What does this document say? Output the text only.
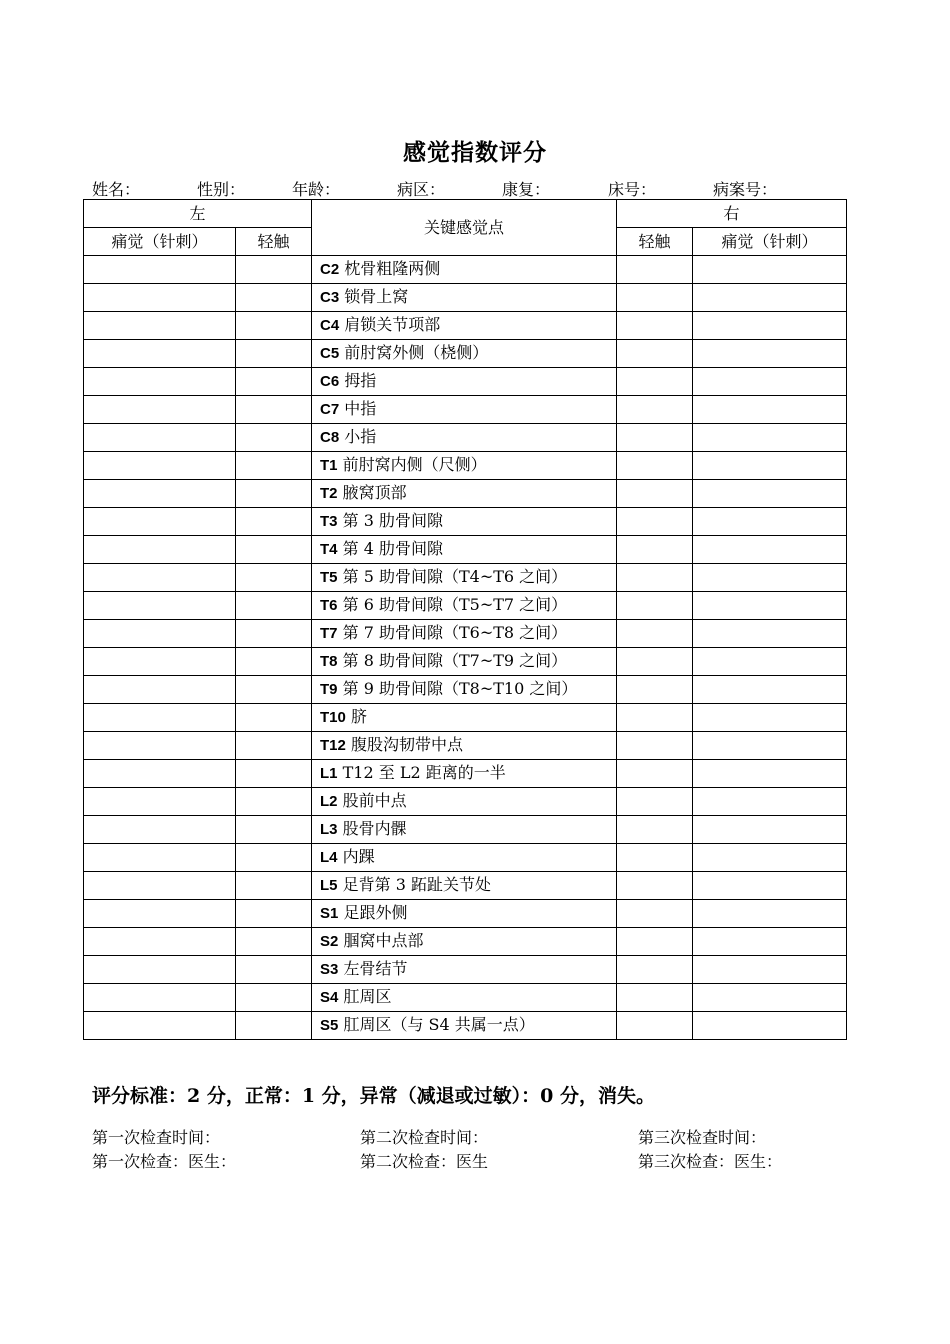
感觉指数评分
姓名：	性别：	年龄：	病区：	康复：	床号：	病案号：
左		关键感觉点	右	
痛觉（针刺）	轻触		轻触	痛觉（针刺）
		C2 枕骨粗隆两侧		
		C3 锁骨上窝		
		C4 肩锁关节项部		
		C5 前肘窝外侧（桡侧）		
		C6 拇指		
		C7 中指		
		C8 小指		
		T1 前肘窝内侧（尺侧）		
		T2 腋窝顶部		
		T3 第 3 肋骨间隙		
		T4 第 4 肋骨间隙		
		T5 第 5 助骨间隙（T4~T6 之间）		
		T6 第 6 助骨间隙（T5~T7 之间）		
		T7 第 7 助骨间隙（T6~T8 之间）		
		T8 第 8 助骨间隙（T7~T9 之间）		
		T9 第 9 助骨间隙（T8~T10 之间）		
		T10 脐		
		T12 腹股沟韧带中点		
		L1 T12 至 L2 距离的一半		
		L2 股前中点		
		L3 股骨内髁		
		L4 内踝		
		L5 足背第 3 跖趾关节处		
		S1 足跟外侧		
		S2 腘窝中点部		
		S3 左骨结节		
		S4 肛周区		
		S5 肛周区（与 S4 共属一点）		
评分标准：2 分，正常：1 分，异常（减退或过敏）：0 分，消失。
第一次检查时间：	第二次检查时间：	第三次检查时间：
第一次检查：医生：	第二次检查：医生	第三次检查：医生：
